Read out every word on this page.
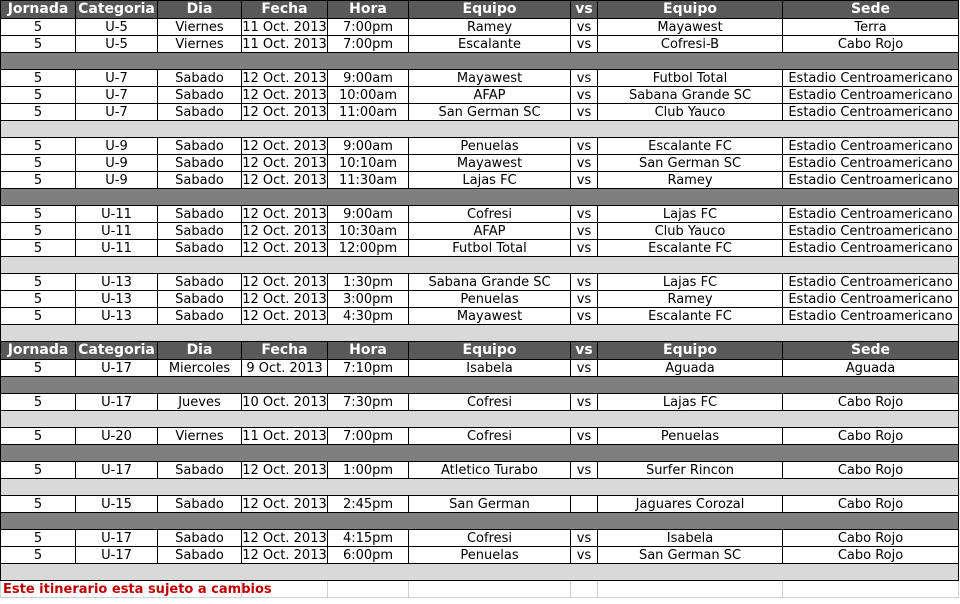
Jornada	Categoria	Dia	Fecha	Hora	Equipo	vs	Equipo	Sede
5	U-5	Viernes	11 Oct. 2013	7:00pm	Ramey	vs	Mayawest	Terra
5	U-5	Viernes	11 Oct. 2013	7:00pm	Escalante	vs	Cofresi-B	Cabo Rojo

5	U-7	Sabado	12 Oct. 2013	9:00am	Mayawest	vs	Futbol Total	Estadio Centroamericano
5	U-7	Sabado	12 Oct. 2013	10:00am	AFAP	vs	Sabana Grande SC	Estadio Centroamericano
5	U-7	Sabado	12 Oct. 2013	11:00am	San German SC	vs	Club Yauco	Estadio Centroamericano

5	U-9	Sabado	12 Oct. 2013	9:00am	Penuelas	vs	Escalante FC	Estadio Centroamericano
5	U-9	Sabado	12 Oct. 2013	10:10am	Mayawest	vs	San German SC	Estadio Centroamericano
5	U-9	Sabado	12 Oct. 2013	11:30am	Lajas FC	vs	Ramey	Estadio Centroamericano

5	U-11	Sabado	12 Oct. 2013	9:00am	Cofresi	vs	Lajas FC	Estadio Centroamericano
5	U-11	Sabado	12 Oct. 2013	10:30am	AFAP	vs	Club Yauco	Estadio Centroamericano
5	U-11	Sabado	12 Oct. 2013	12:00pm	Futbol Total	vs	Escalante FC	Estadio Centroamericano

5	U-13	Sabado	12 Oct. 2013	1:30pm	Sabana Grande SC	vs	Lajas FC	Estadio Centroamericano
5	U-13	Sabado	12 Oct. 2013	3:00pm	Penuelas	vs	Ramey	Estadio Centroamericano
5	U-13	Sabado	12 Oct. 2013	4:30pm	Mayawest	vs	Escalante FC	Estadio Centroamericano

Jornada	Categoria	Dia	Fecha	Hora	Equipo	vs	Equipo	Sede
5	U-17	Miercoles	9 Oct. 2013	7:10pm	Isabela	vs	Aguada	Aguada

5	U-17	Jueves	10 Oct. 2013	7:30pm	Cofresi	vs	Lajas FC	Cabo Rojo

5	U-20	Viernes	11 Oct. 2013	7:00pm	Cofresi	vs	Penuelas	Cabo Rojo

5	U-17	Sabado	12 Oct. 2013	1:00pm	Atletico Turabo	vs	Surfer Rincon	Cabo Rojo

5	U-15	Sabado	12 Oct. 2013	2:45pm	San German		Jaguares Corozal	Cabo Rojo

5	U-17	Sabado	12 Oct. 2013	4:15pm	Cofresi	vs	Isabela	Cabo Rojo
5	U-17	Sabado	12 Oct. 2013	6:00pm	Penuelas	vs	San German SC	Cabo Rojo

Este itinerario esta sujeto a cambios								
